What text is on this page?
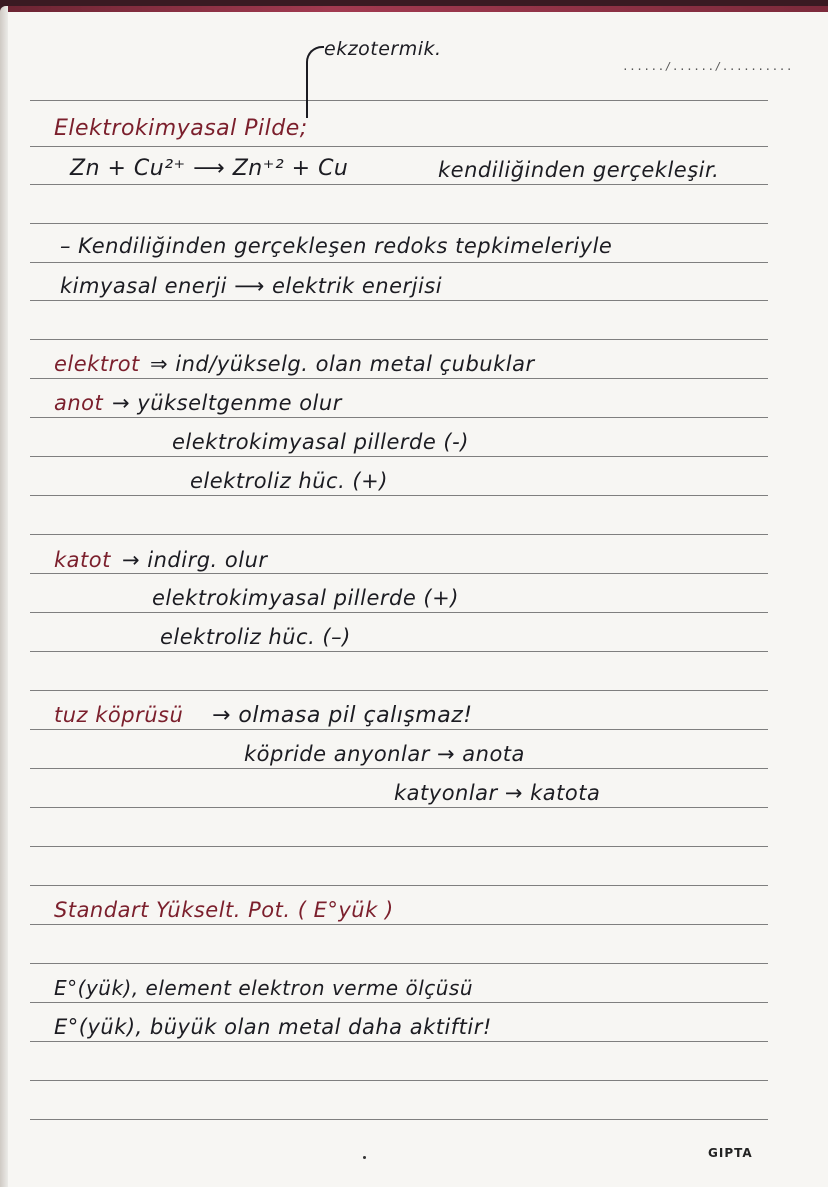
....../....../..........
ekzotermik.
Elektrokimyasal Pilde;
Zn + Cu²⁺ ⟶ Zn⁺² + Cu	kendiliğinden gerçekleşir.
– Kendiliğinden gerçekleşen redoks tepkimeleriyle
kimyasal enerji ⟶ elektrik enerjisi
elektrot ⇒ ind/yükselg. olan metal çubuklar
anot → yükseltgenme olur
elektrokimyasal pillerde (-)
elektroliz hüc. (+)
katot → indirg. olur
elektrokimyasal pillerde (+)
elektroliz hüc. (–)
tuz köprüsü → olmasa pil çalışmaz!
köpride anyonlar → anota
katyonlar → katota
Standart Yükselt. Pot. ( E°yük )
E°(yük), element elektron verme ölçüsü
E°(yük), büyük olan metal daha aktiftir!
GIPTA
